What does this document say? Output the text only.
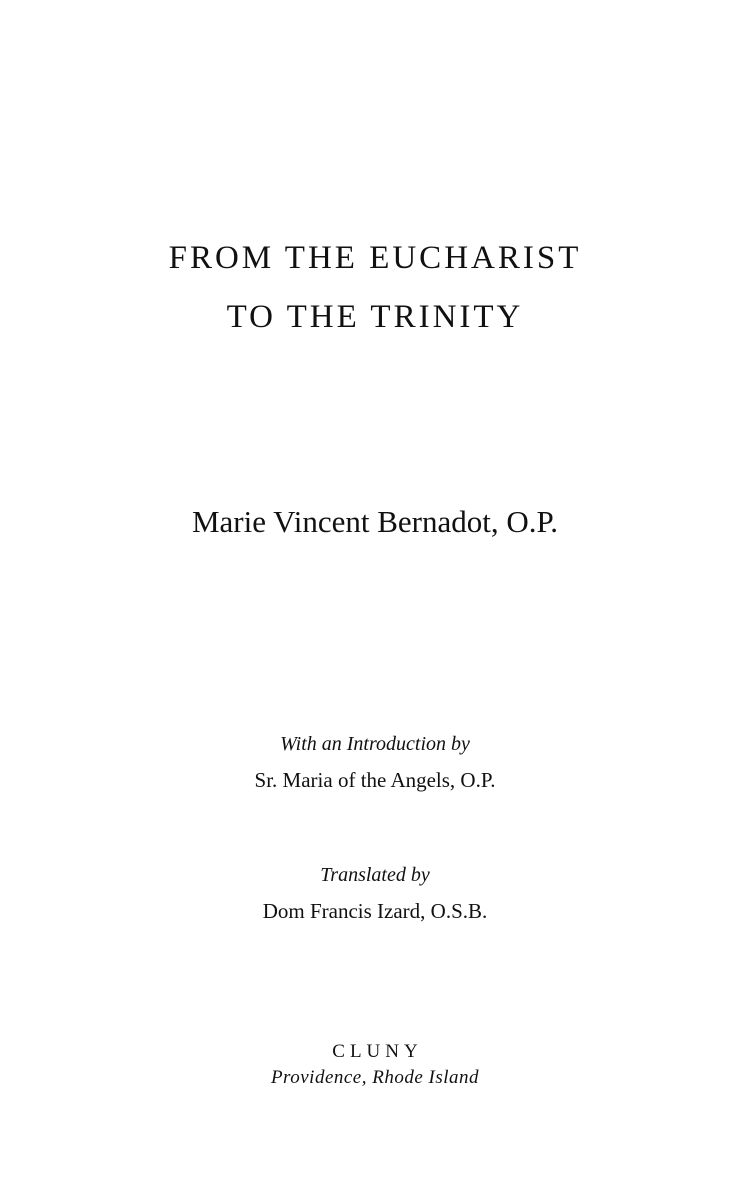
FROM THE EUCHARIST
TO THE TRINITY
Marie Vincent Bernadot, O.P.
With an Introduction by
Sr. Maria of the Angels, O.P.
Translated by
Dom Francis Izard, O.S.B.
CLUNY
Providence, Rhode Island
